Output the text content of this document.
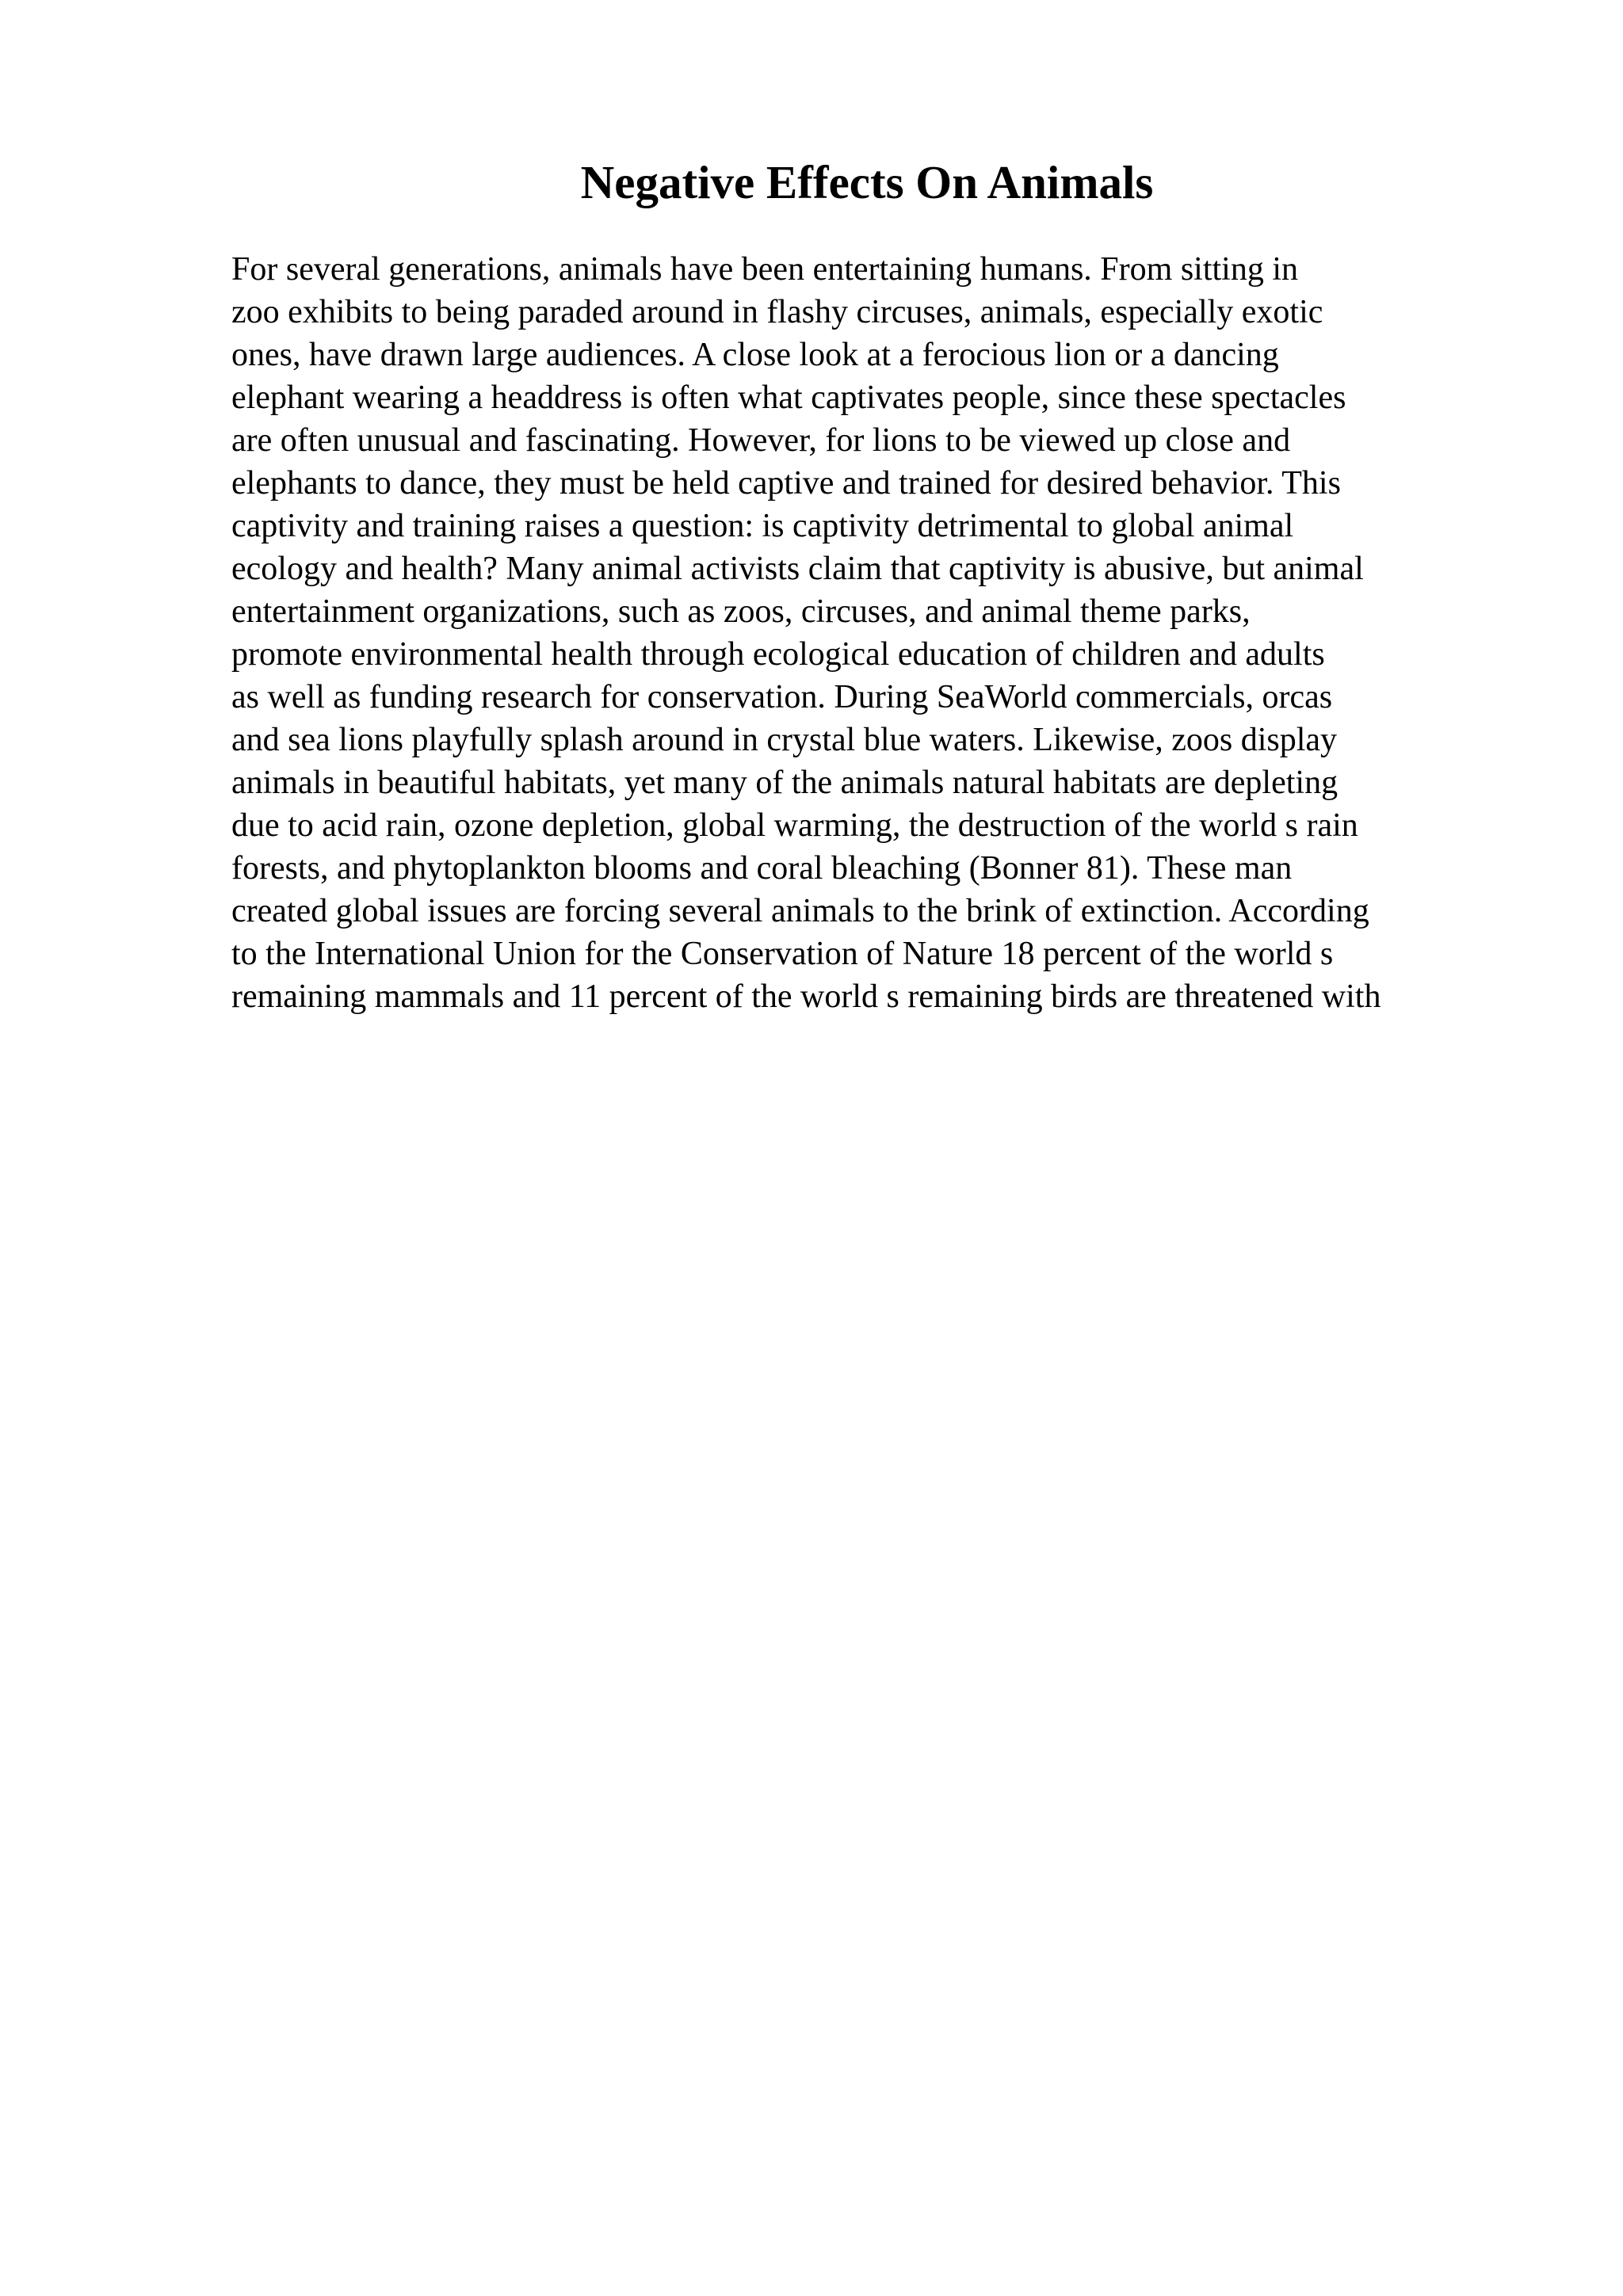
Negative Effects On Animals
For several generations, animals have been entertaining humans. From sitting in
zoo exhibits to being paraded around in flashy circuses, animals, especially exotic
ones, have drawn large audiences. A close look at a ferocious lion or a dancing
elephant wearing a headdress is often what captivates people, since these spectacles
are often unusual and fascinating. However, for lions to be viewed up close and
elephants to dance, they must be held captive and trained for desired behavior. This
captivity and training raises a question: is captivity detrimental to global animal
ecology and health? Many animal activists claim that captivity is abusive, but animal
entertainment organizations, such as zoos, circuses, and animal theme parks,
promote environmental health through ecological education of children and adults
as well as funding research for conservation. During SeaWorld commercials, orcas
and sea lions playfully splash around in crystal blue waters. Likewise, zoos display
animals in beautiful habitats, yet many of the animals natural habitats are depleting
due to acid rain, ozone depletion, global warming, the destruction of the world s rain
forests, and phytoplankton blooms and coral bleaching (Bonner 81). These man
created global issues are forcing several animals to the brink of extinction. According
to the International Union for the Conservation of Nature 18 percent of the world s
remaining mammals and 11 percent of the world s remaining birds are threatened with
